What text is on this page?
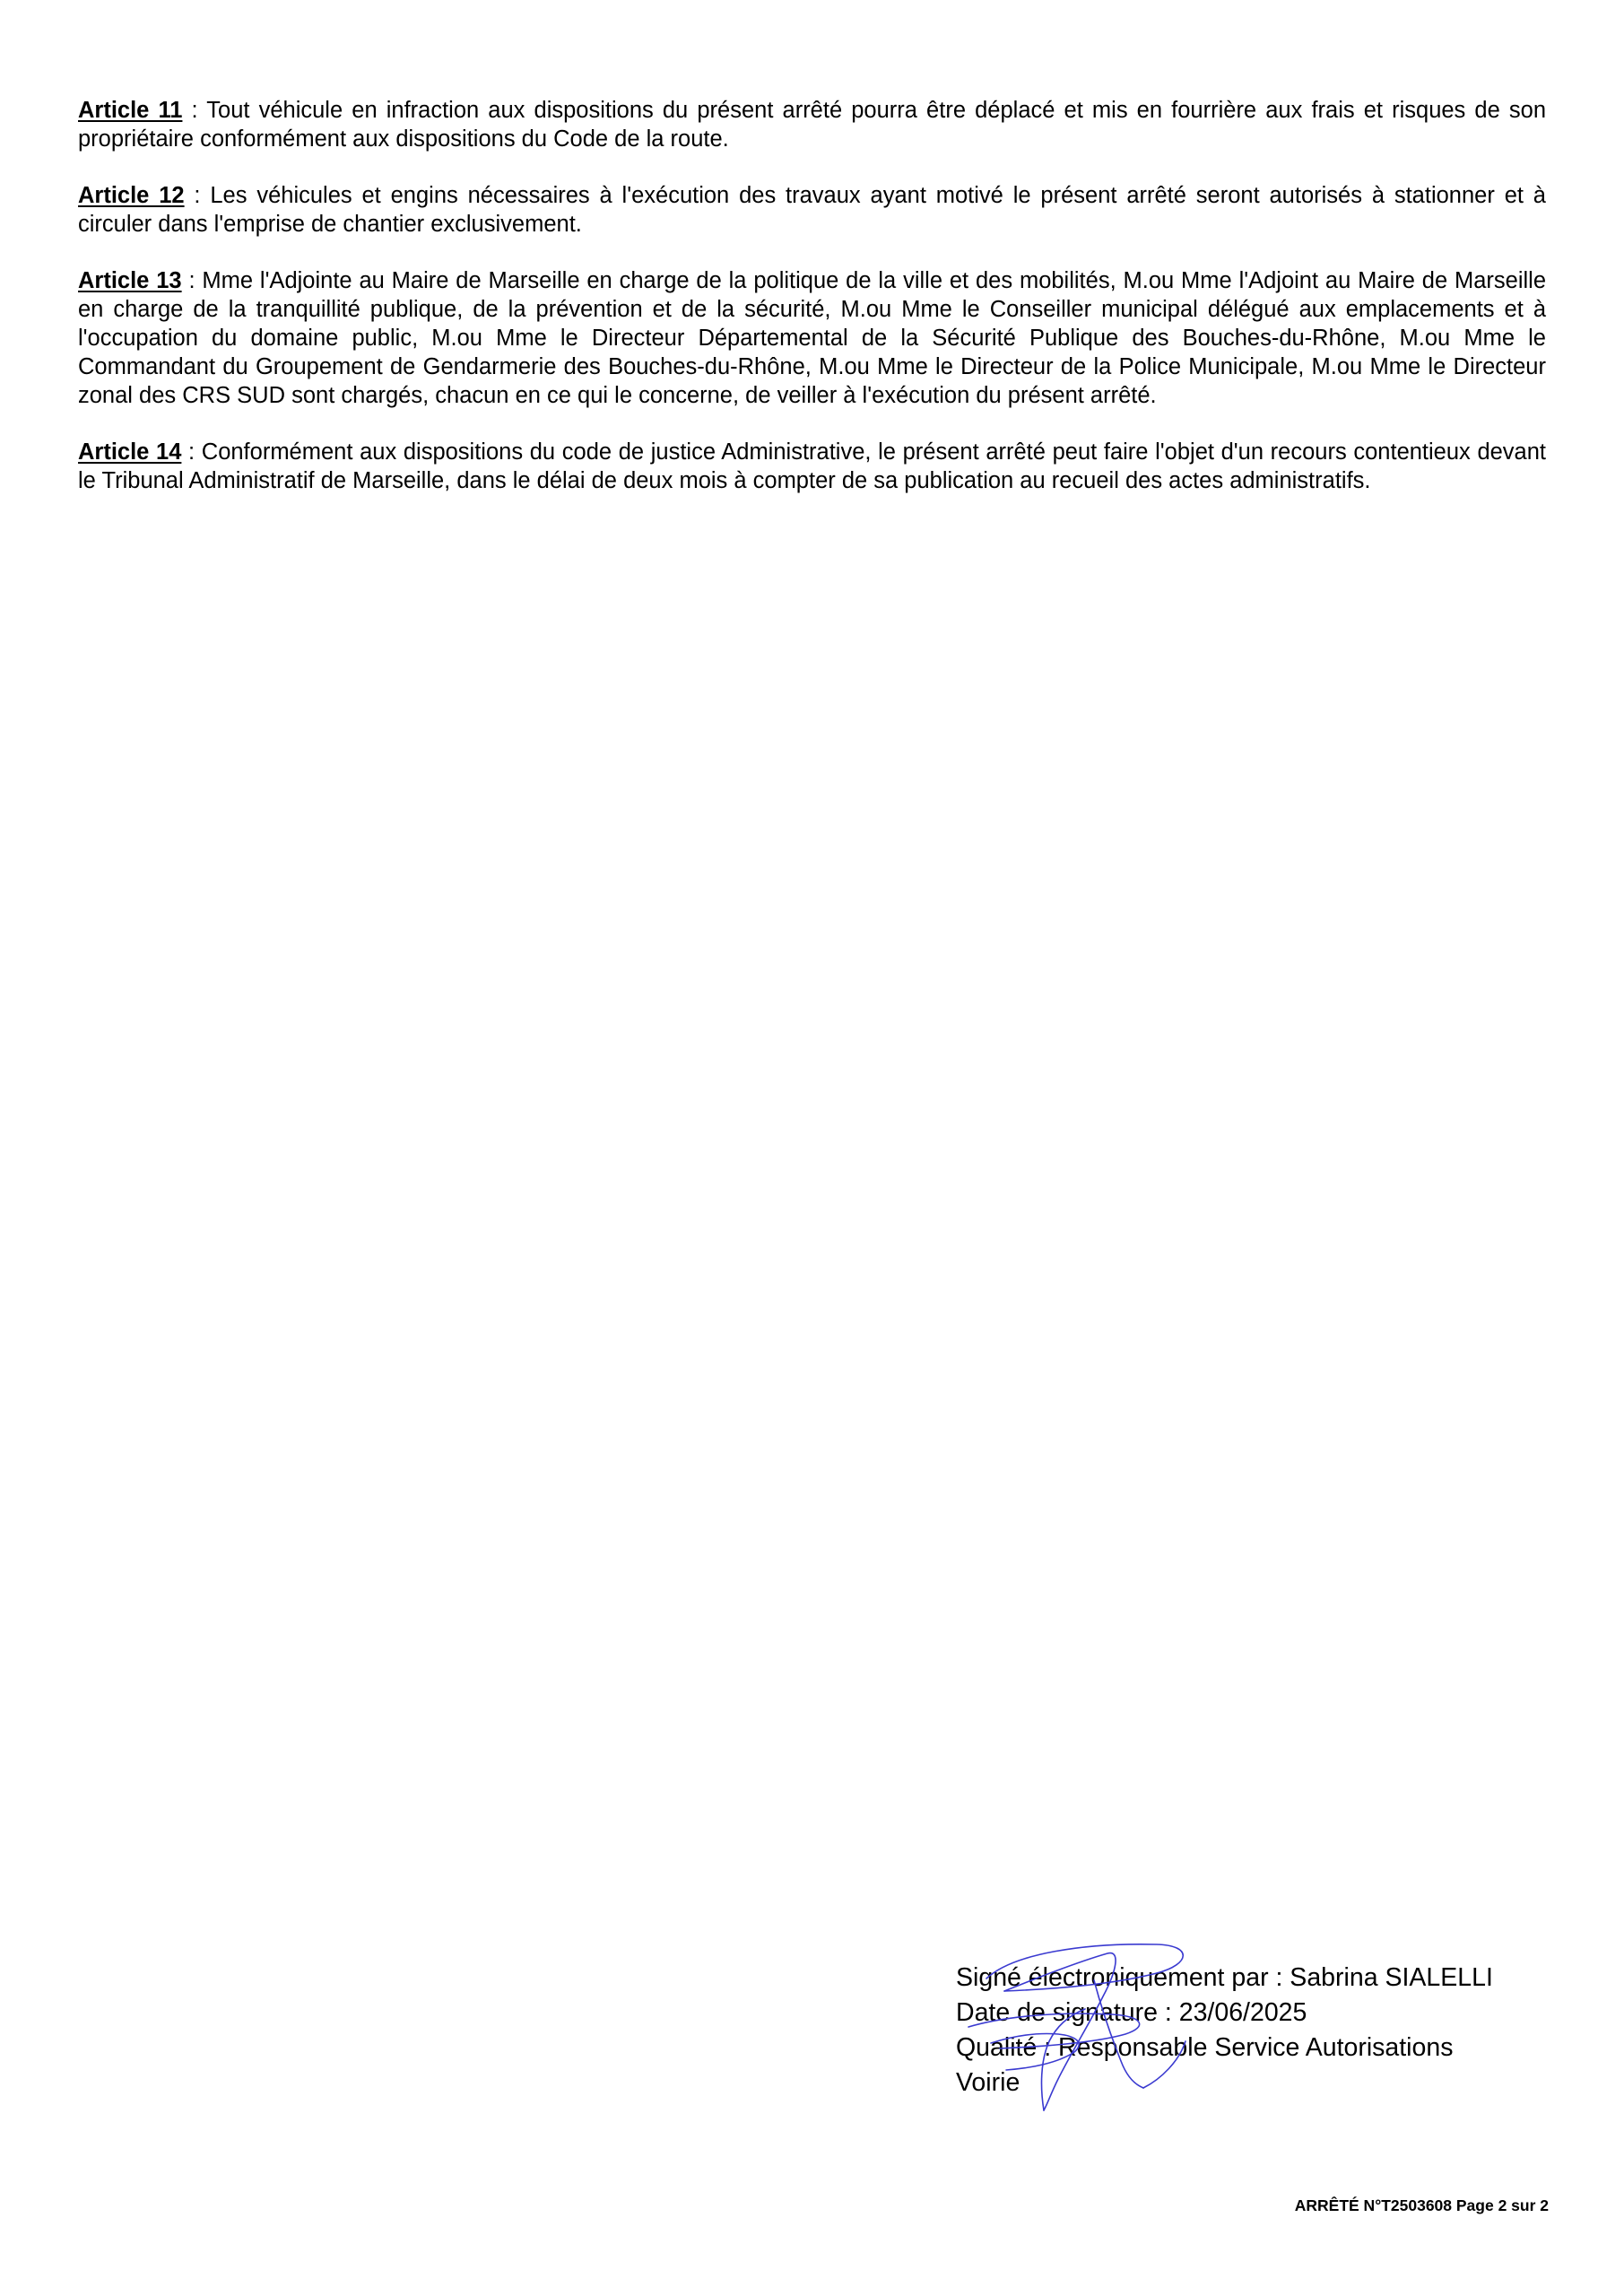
Article 11 : Tout véhicule en infraction aux dispositions du présent arrêté pourra être déplacé et mis en fourrière aux frais et risques de son propriétaire conformément aux dispositions du Code de la route.

Article 12 : Les véhicules et engins nécessaires à l'exécution des travaux ayant motivé le présent arrêté seront autorisés à stationner et à circuler dans l'emprise de chantier exclusivement.

Article 13 : Mme l'Adjointe au Maire de Marseille en charge de la politique de la ville et des mobilités, M.ou Mme l'Adjoint au Maire de Marseille en charge de la tranquillité publique, de la prévention et de la sécurité, M.ou Mme le Conseiller municipal délégué aux emplacements et à l'occupation du domaine public, M.ou Mme le Directeur Départemental de la Sécurité Publique des Bouches-du-Rhône, M.ou Mme le Commandant du Groupement de Gendarmerie des Bouches-du-Rhône, M.ou Mme le Directeur de la Police Municipale, M.ou Mme le Directeur zonal des CRS SUD sont chargés, chacun en ce qui le concerne, de veiller à l'exécution du présent arrêté.

Article 14 : Conformément aux dispositions du code de justice Administrative, le présent arrêté peut faire l'objet d'un recours contentieux devant le Tribunal Administratif de Marseille, dans le délai de deux mois à compter de sa publication au recueil des actes administratifs.

Signé électroniquement par : Sabrina SIALELLI
Date de signature : 23/06/2025
Qualité : Responsable Service Autorisations
Voirie
ARRÊTÉ N°T2503608 Page 2 sur 2
